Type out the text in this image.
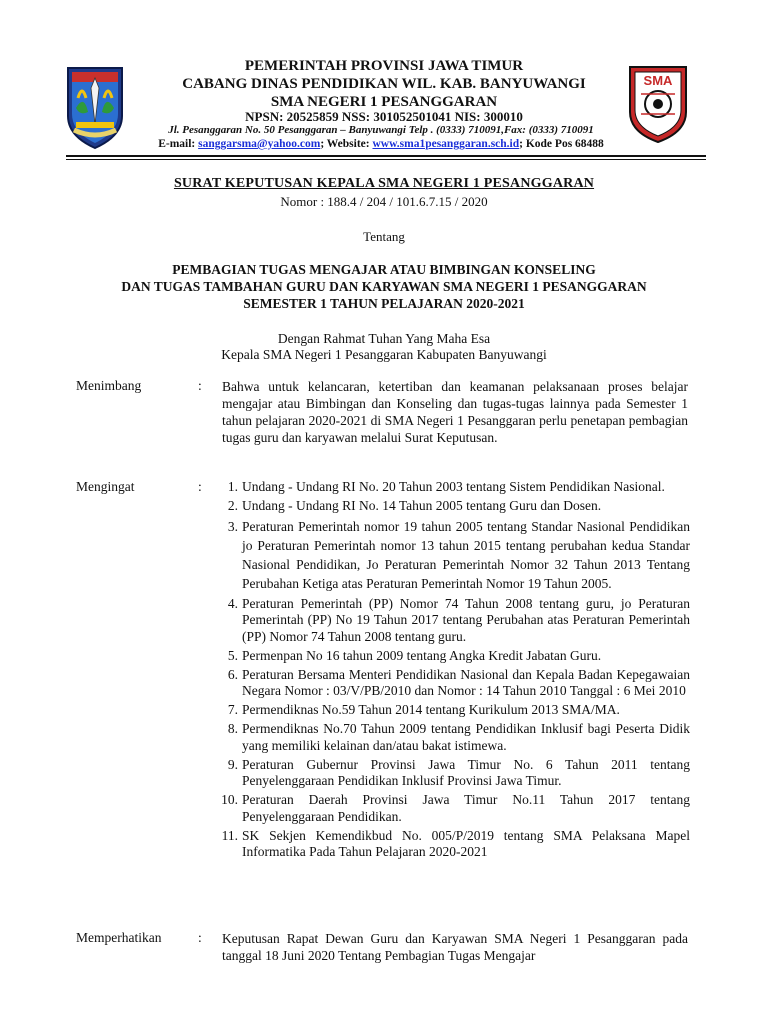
SMA
PEMERINTAH PROVINSI JAWA TIMUR
CABANG DINAS PENDIDIKAN WIL. KAB. BANYUWANGI
SMA NEGERI 1 PESANGGARAN
NPSN: 20525859 NSS: 301052501041 NIS: 300010
Jl. Pesanggaran No. 50 Pesanggaran – Banyuwangi Telp . (0333) 710091,Fax: (0333) 710091
E-mail: sanggarsma@yahoo.com; Website: www.sma1pesanggaran.sch.id; Kode Pos 68488
SURAT KEPUTUSAN KEPALA SMA NEGERI 1 PESANGGARAN
Nomor : 188.4 / 204 / 101.6.7.15 / 2020
Tentang
PEMBAGIAN TUGAS MENGAJAR ATAU BIMBINGAN KONSELING
DAN TUGAS TAMBAHAN GURU DAN KARYAWAN SMA NEGERI 1 PESANGGARAN
SEMESTER 1 TAHUN PELAJARAN 2020-2021
Dengan Rahmat Tuhan Yang Maha Esa
Kepala SMA Negeri 1 Pesanggaran Kabupaten Banyuwangi
Menimbang	: Bahwa untuk kelancaran, ketertiban dan keamanan pelaksanaan proses belajar mengajar atau Bimbingan dan Konseling dan tugas-tugas lainnya pada Semester 1 tahun pelajaran 2020-2021 di SMA Negeri 1 Pesanggaran perlu penetapan pembagian tugas guru dan karyawan melalui Surat Keputusan.
Mengingat	:	1. Undang - Undang RI No. 20 Tahun 2003 tentang Sistem Pendidikan Nasional.
2. Undang - Undang RI No. 14 Tahun 2005 tentang Guru dan Dosen.
3. Peraturan Pemerintah nomor 19 tahun 2005 tentang Standar Nasional Pendidikan jo Peraturan Pemerintah nomor 13 tahun 2015 tentang perubahan kedua Standar Nasional Pendidikan, Jo Peraturan Pemerintah Nomor 32 Tahun 2013 Tentang Perubahan Ketiga atas Peraturan Pemerintah Nomor 19 Tahun 2005.
4. Peraturan Pemerintah (PP) Nomor 74 Tahun 2008 tentang guru, jo Peraturan Pemerintah (PP) No 19 Tahun 2017 tentang Perubahan atas Peraturan Pemerintah (PP) Nomor 74 Tahun 2008 tentang guru.
5. Permenpan No 16 tahun 2009 tentang Angka Kredit Jabatan Guru.
6. Peraturan Bersama Menteri Pendidikan Nasional dan Kepala Badan Kepegawaian Negara Nomor : 03/V/PB/2010 dan Nomor : 14 Tahun 2010 Tanggal : 6 Mei 2010
7. Permendiknas No.59 Tahun 2014 tentang Kurikulum 2013 SMA/MA.
8. Permendiknas No.70 Tahun 2009 tentang Pendidikan Inklusif bagi Peserta Didik yang memiliki kelainan dan/atau bakat istimewa.
9. Peraturan Gubernur Provinsi Jawa Timur No. 6 Tahun 2011 tentang Penyelenggaraan Pendidikan Inklusif Provinsi Jawa Timur.
10. Peraturan Daerah Provinsi Jawa Timur No.11 Tahun 2017 tentang Penyelenggaraan Pendidikan.
11. SK Sekjen Kemendikbud No. 005/P/2019 tentang SMA Pelaksana Mapel Informatika Pada Tahun Pelajaran 2020-2021
Memperhatikan	: Keputusan Rapat Dewan Guru dan Karyawan SMA Negeri 1 Pesanggaran pada tanggal 18 Juni 2020 Tentang Pembagian Tugas Mengajar
